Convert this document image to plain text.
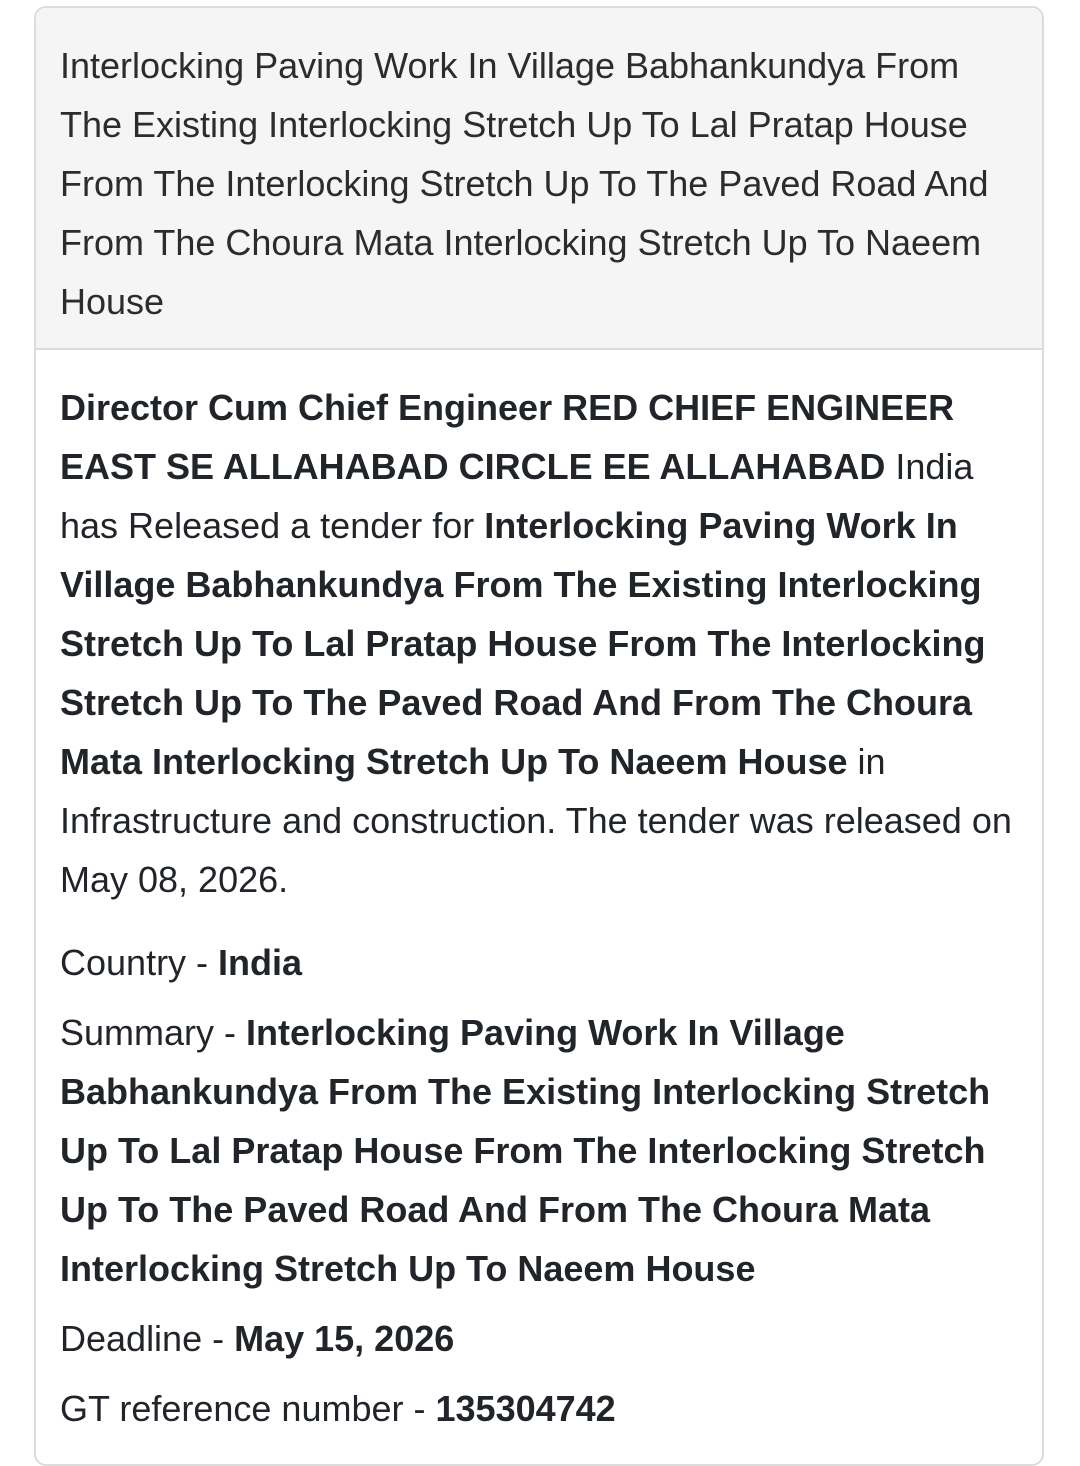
Interlocking Paving Work In Village Babhankundya From The Existing Interlocking Stretch Up To Lal Pratap House From The Interlocking Stretch Up To The Paved Road And From The Choura Mata Interlocking Stretch Up To Naeem House

Director Cum Chief Engineer RED CHIEF ENGINEER EAST SE ALLAHABAD CIRCLE EE ALLAHABAD India has Released a tender for Interlocking Paving Work In Village Babhankundya From The Existing Interlocking Stretch Up To Lal Pratap House From The Interlocking Stretch Up To The Paved Road And From The Choura Mata Interlocking Stretch Up To Naeem House in Infrastructure and construction. The tender was released on May 08, 2026.

Country - India
Summary - Interlocking Paving Work In Village Babhankundya From The Existing Interlocking Stretch Up To Lal Pratap House From The Interlocking Stretch Up To The Paved Road And From The Choura Mata Interlocking Stretch Up To Naeem House
Deadline - May 15, 2026
GT reference number - 135304742
